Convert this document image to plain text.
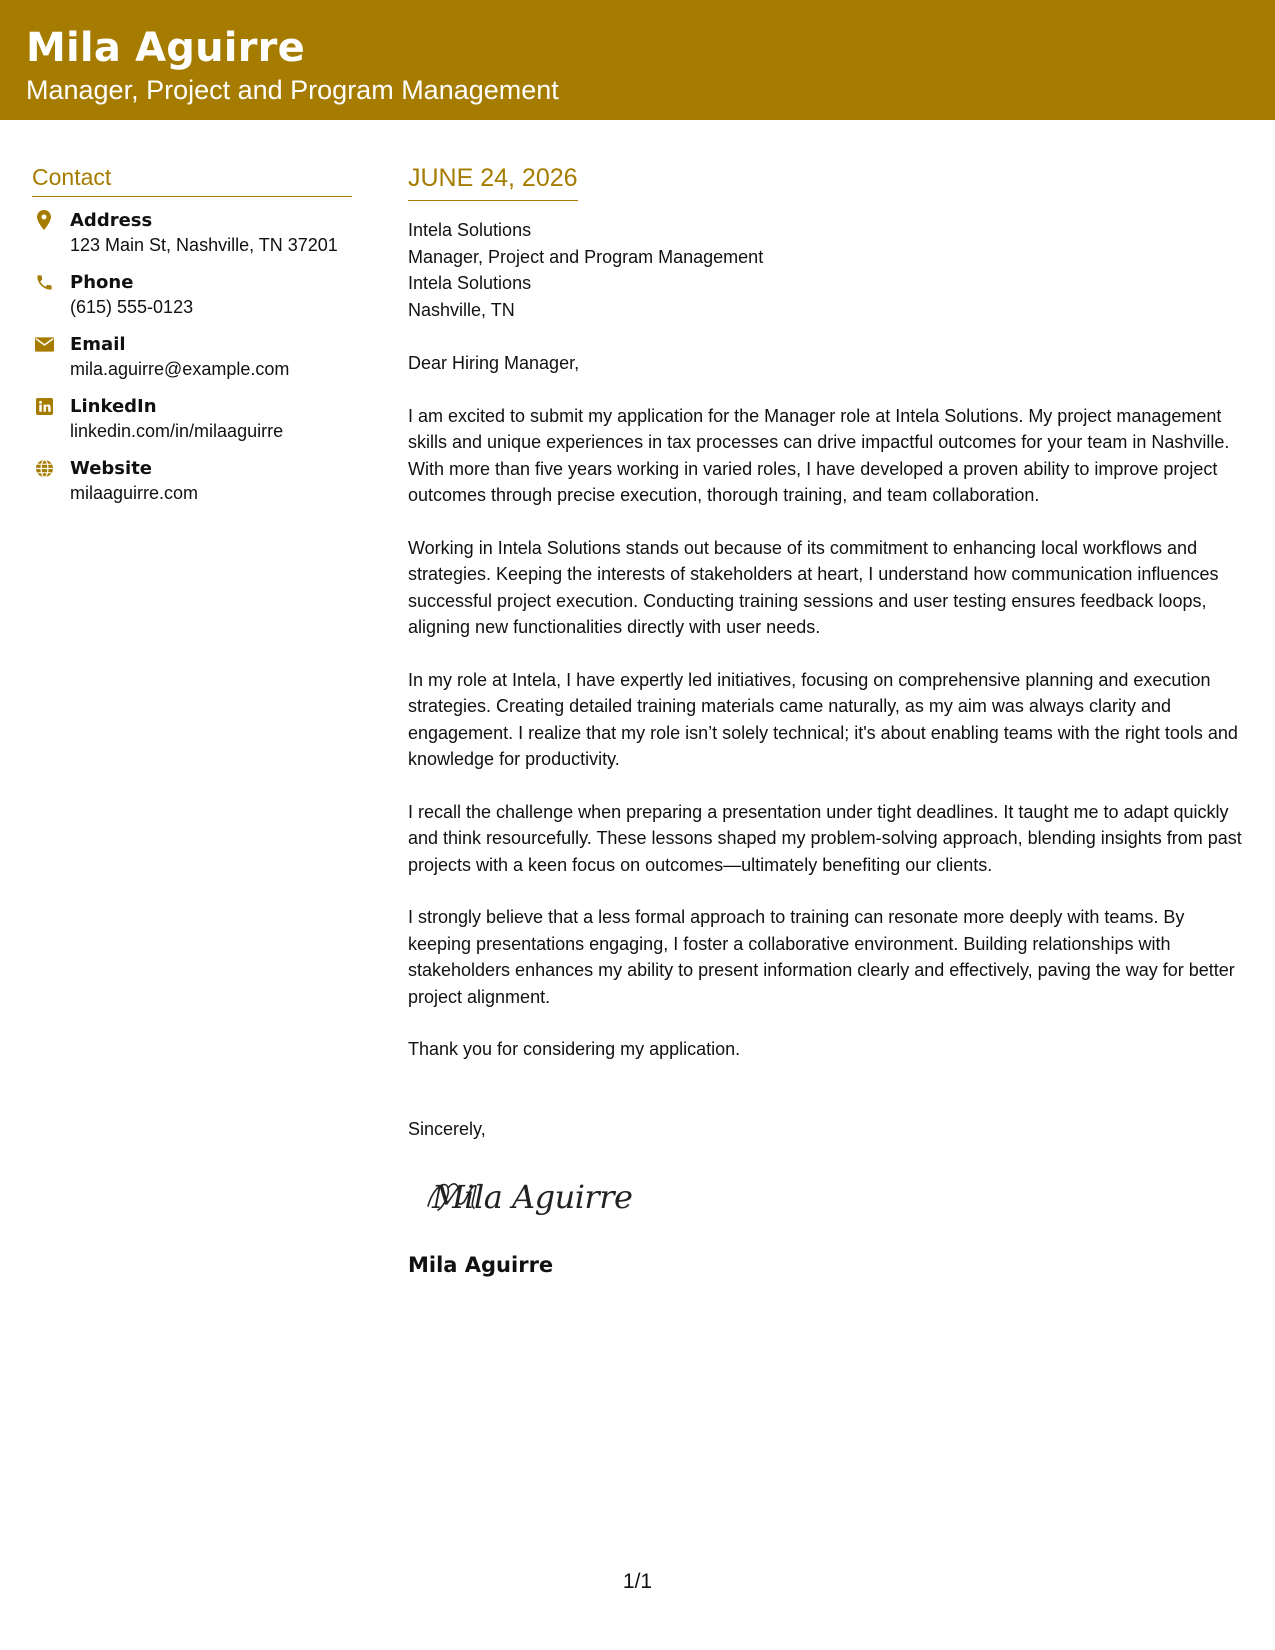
Mila Aguirre
Manager, Project and Program Management
Contact
Address
123 Main St, Nashville, TN 37201
Phone
(615) 555-0123
Email
mila.aguirre@example.com
LinkedIn
linkedin.com/in/milaaguirre
Website
milaaguirre.com
JUNE 24, 2026
Intela Solutions
Manager, Project and Program Management
Intela Solutions
Nashville, TN
Dear Hiring Manager,

I am excited to submit my application for the Manager role at Intela Solutions. My project management skills and unique experiences in tax processes can drive impactful outcomes for your team in Nashville. With more than five years working in varied roles, I have developed a proven ability to improve project outcomes through precise execution, thorough training, and team collaboration.

Working in Intela Solutions stands out because of its commitment to enhancing local workflows and strategies. Keeping the interests of stakeholders at heart, I understand how communication influences successful project execution. Conducting training sessions and user testing ensures feedback loops, aligning new functionalities directly with user needs.

In my role at Intela, I have expertly led initiatives, focusing on comprehensive planning and execution strategies. Creating detailed training materials came naturally, as my aim was always clarity and engagement. I realize that my role isn’t solely technical; it's about enabling teams with the right tools and knowledge for productivity.

I recall the challenge when preparing a presentation under tight deadlines. It taught me to adapt quickly and think resourcefully. These lessons shaped my problem-solving approach, blending insights from past projects with a keen focus on outcomes—ultimately benefiting our clients.

I strongly believe that a less formal approach to training can resonate more deeply with teams. By keeping presentations engaging, I foster a collaborative environment. Building relationships with stakeholders enhances my ability to present information clearly and effectively, paving the way for better project alignment.

Thank you for considering my application.

Sincerely,
Mila Aguirre
Mila Aguirre
1/1
